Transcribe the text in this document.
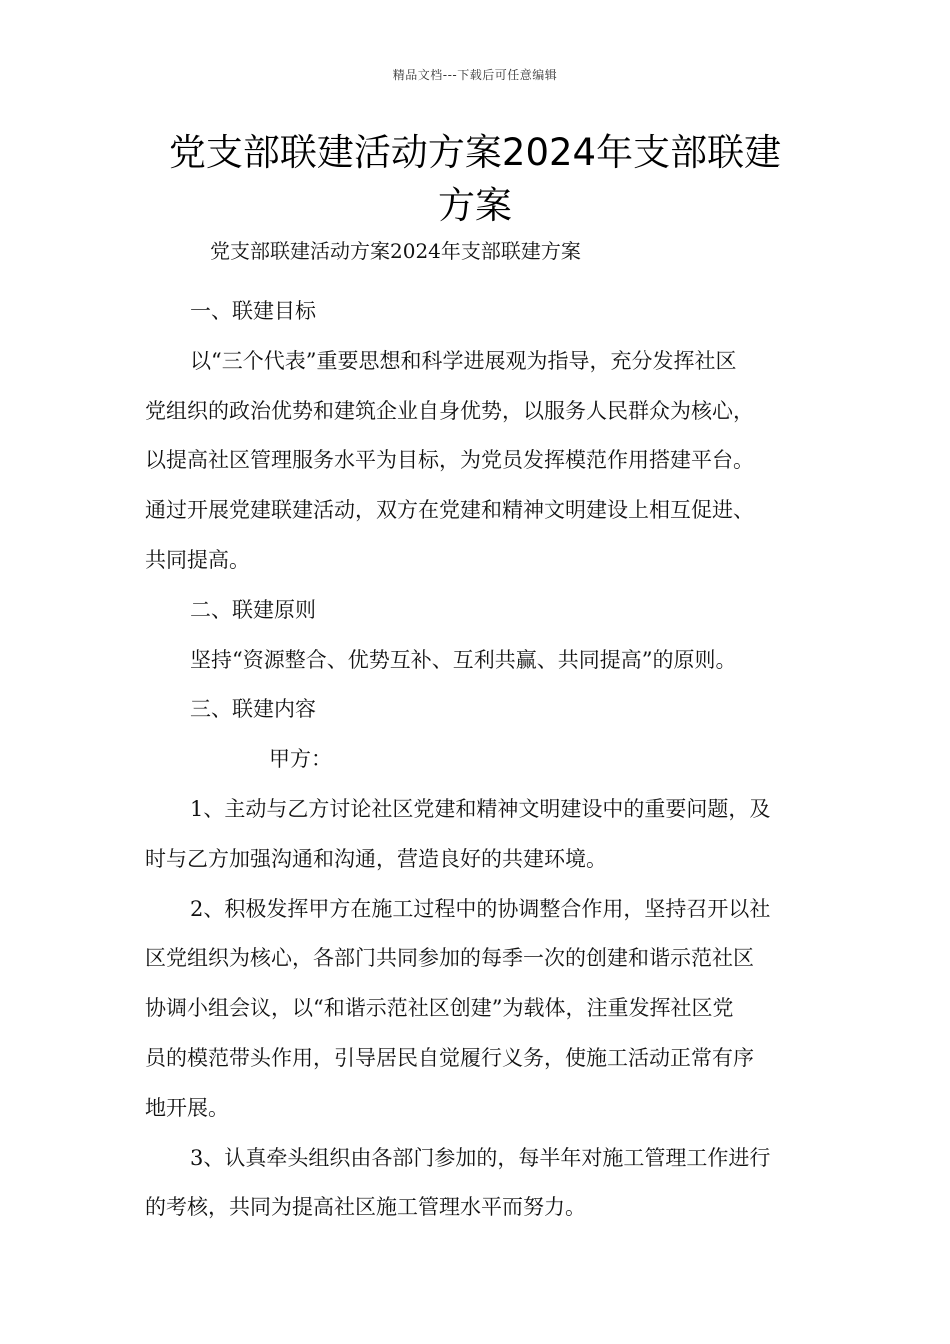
精品文档---下载后可任意编辑
党支部联建活动方案2024年支部联建
方案
党支部联建活动方案2024年支部联建方案
一、联建目标
以“三个代表”重要思想和科学进展观为指导，充分发挥社区
党组织的政治优势和建筑企业自身优势，以服务人民群众为核心，
以提高社区管理服务水平为目标，为党员发挥模范作用搭建平台。
通过开展党建联建活动，双方在党建和精神文明建设上相互促进、
共同提高。
二、联建原则
坚持“资源整合、优势互补、互利共赢、共同提高”的原则。
三、联建内容
甲方：
1、主动与乙方讨论社区党建和精神文明建设中的重要问题，及
时与乙方加强沟通和沟通，营造良好的共建环境。
2、积极发挥甲方在施工过程中的协调整合作用，坚持召开以社
区党组织为核心，各部门共同参加的每季一次的创建和谐示范社区
协调小组会议，以“和谐示范社区创建”为载体，注重发挥社区党
员的模范带头作用，引导居民自觉履行义务，使施工活动正常有序
地开展。
3、认真牵头组织由各部门参加的，每半年对施工管理工作进行
的考核，共同为提高社区施工管理水平而努力。
